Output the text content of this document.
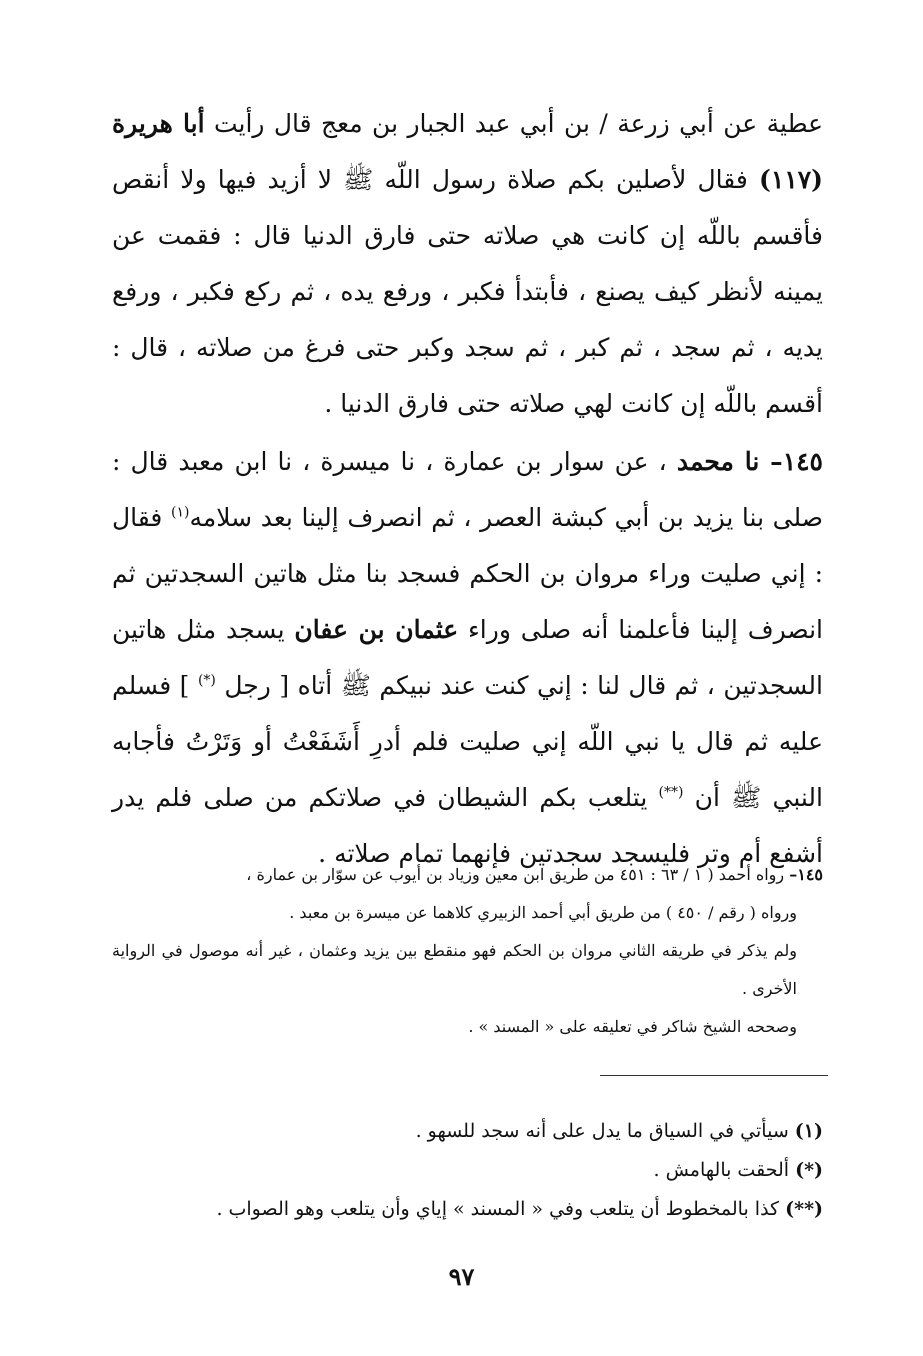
عطية عن أبي زرعة / بن أبي عبد الجبار بن معج قال رأيت أبا هريرة (١١٧) فقال لأصلين بكم صلاة رسول اللّه ﷺ لا أزيد فيها ولا أنقص فأقسم باللّه إن كانت هي صلاته حتى فارق الدنيا قال : فقمت عن يمينه لأنظر كيف يصنع ، فأبتدأ فكبر ، ورفع يده ، ثم ركع فكبر ، ورفع يديه ، ثم سجد ، ثم كبر ، ثم سجد وكبر حتى فرغ من صلاته ، قال : أقسم باللّه إن كانت لهي صلاته حتى فارق الدنيا .

١٤٥– نا محمد ، عن سوار بن عمارة ، نا ميسرة ، نا ابن معبد قال : صلى بنا يزيد بن أبي كبشة العصر ، ثم انصرف إلينا بعد سلامه$^{(١)}$ فقال : إني صليت وراء مروان بن الحكم فسجد بنا مثل هاتين السجدتين ثم انصرف إلينا فأعلمنا أنه صلى وراء عثمان بن عفان يسجد مثل هاتين السجدتين ، ثم قال لنا : إني كنت عند نبيكم ﷺ أتاه [ رجل (*) ] فسلم عليه ثم قال يا نبي اللّه إني صليت فلم أدرِ أَشَفَعْتُ أو وَتَرْتُ فأجابه النبي ﷺ أن (**) يتلعب بكم الشيطان في صلاتكم من صلى فلم يدر أشفع أم وتر فليسجد سجدتين فإنهما تمام صلاته .

١٤٥– رواه أحمد ( ١ / ٦٣ : ٤٥١ من طريق ابن معين وزياد بن أيوب عن سوّار بن عمارة ،

ورواه ( رقم / ٤٥٠ ) من طريق أبي أحمد الزبيري كلاهما عن ميسرة بن معبد .

ولم يذكر في طريقه الثاني مروان بن الحكم فهو منقطع بين يزيد وعثمان ، غير أنه موصول في الرواية الأخرى .

وصححه الشيخ شاكر في تعليقه على « المسند » .

(١) سيأتي في السياق ما يدل على أنه سجد للسهو .

(*) ألحقت بالهامش .

(**) كذا بالمخطوط أن يتلعب وفي « المسند » إياي وأن يتلعب وهو الصواب .

٩٧
